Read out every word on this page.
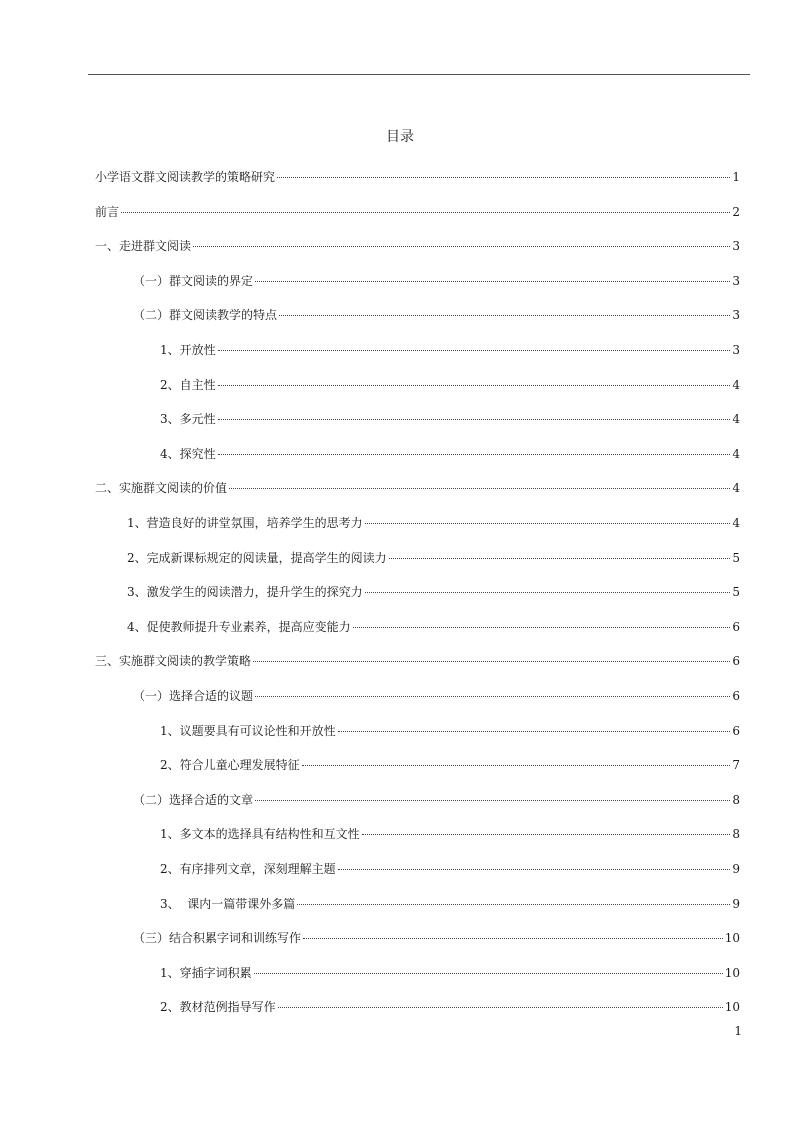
目录
小学语文群文阅读教学的策略研究	1
前言	2
一、走进群文阅读	3
（一）群文阅读的界定	3
（二）群文阅读教学的特点	3
1、开放性	3
2、自主性	4
3、多元性	4
4、探究性	4
二、实施群文阅读的价值	4
1、营造良好的讲堂氛围，培养学生的思考力	4
2、完成新课标规定的阅读量，提高学生的阅读力	5
3、激发学生的阅读潜力，提升学生的探究力	5
4、促使教师提升专业素养，提高应变能力	6
三、实施群文阅读的教学策略	6
（一）选择合适的议题	6
1、议题要具有可议论性和开放性	6
2、符合儿童心理发展特征	7
（二）选择合适的文章	8
1、多文本的选择具有结构性和互文性	8
2、有序排列文章，深刻理解主题	9
3、  课内一篇带课外多篇	9
（三）结合积累字词和训练写作	10
1、穿插字词积累	10
2、教材范例指导写作	10
1
